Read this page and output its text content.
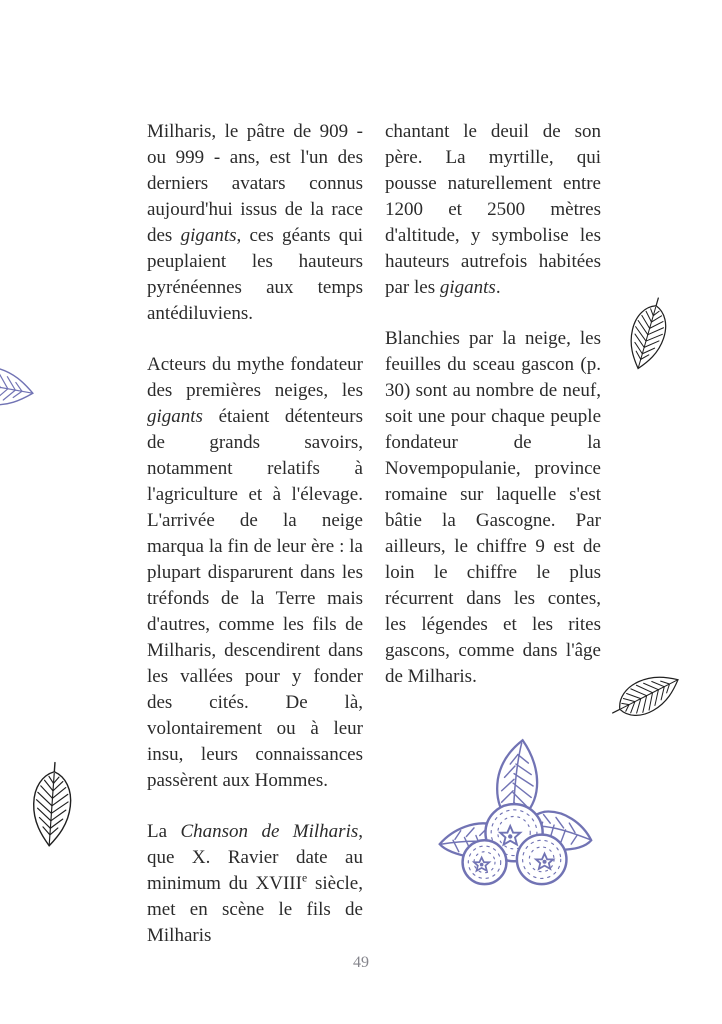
Milharis, le pâtre de 909 - ou 999 - ans, est l'un des derniers avatars connus aujourd'hui issus de la race des gigants, ces géants qui peuplaient les hauteurs pyrénéennes aux temps antédiluviens.

Acteurs du mythe fondateur des premières neiges, les gigants étaient détenteurs de grands savoirs, notamment relatifs à l'agriculture et à l'élevage. L'arrivée de la neige marqua la fin de leur ère : la plupart disparurent dans les tréfonds de la Terre mais d'autres, comme les fils de Milharis, descendirent dans les vallées pour y fonder des cités. De là, volontairement ou à leur insu, leurs connaissances passèrent aux Hommes.

La Chanson de Milharis, que X. Ravier date au minimum du XVIIIe siècle, met en scène le fils de Milharis

chantant le deuil de son père. La myrtille, qui pousse naturellement entre 1200 et 2500 mètres d'altitude, y symbolise les hauteurs autrefois habitées par les gigants.

Blanchies par la neige, les feuilles du sceau gascon (p. 30) sont au nombre de neuf, soit une pour chaque peuple fondateur de la Novempopulanie, province romaine sur laquelle s'est bâtie la Gascogne. Par ailleurs, le chiffre 9 est de loin le chiffre le plus récurrent dans les contes, les légendes et les rites gascons, comme dans l'âge de Milharis.

49
